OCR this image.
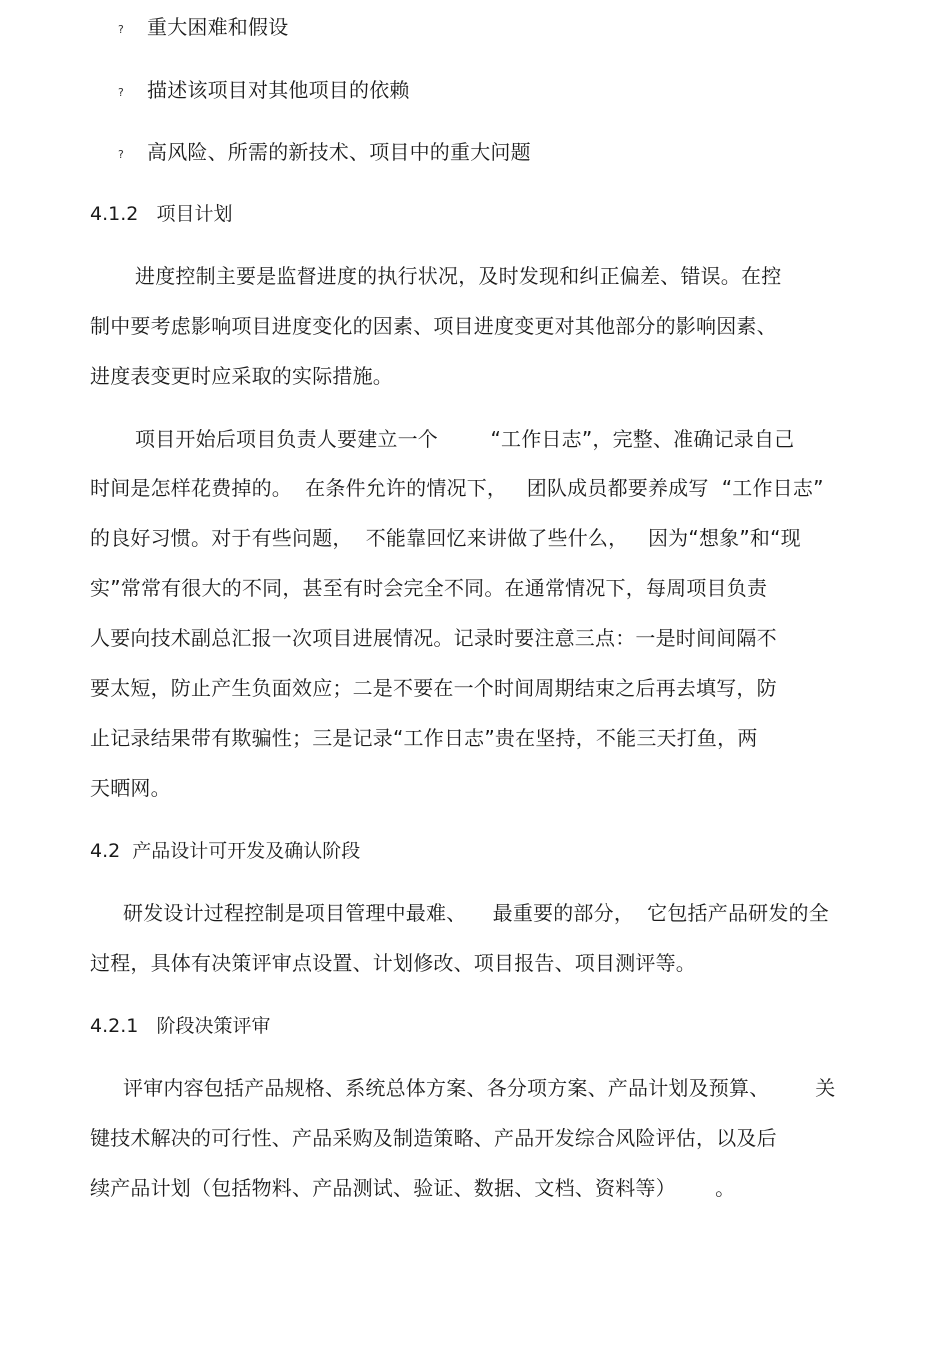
? 重大困难和假设
? 描述该项目对其他项目的依赖
? 高风险、所需的新技术、项目中的重大问题
4.1.2   项目计划
进度控制主要是监督进度的执行状况，及时发现和纠正偏差、错误。在控
制中要考虑影响项目进度变化的因素、项目进度变更对其他部分的影响因素、
进度表变更时应采取的实际措施。
项目开始后项目负责人要建立一个        “工作日志”，完整、准确记录自己
时间是怎样花费掉的。  在条件允许的情况下，   团队成员都要养成写  “工作日志”
的良好习惯。对于有些问题，  不能靠回忆来讲做了些什么，   因为“想象”和“现
实”常常有很大的不同，甚至有时会完全不同。在通常情况下，每周项目负责
人要向技术副总汇报一次项目进展情况。记录时要注意三点：一是时间间隔不
要太短，防止产生负面效应；二是不要在一个时间周期结束之后再去填写，防
止记录结果带有欺骗性；三是记录“工作日志”贵在坚持，不能三天打鱼，两
天晒网。
4.2  产品设计可开发及确认阶段
研发设计过程控制是项目管理中最难、    最重要的部分，  它包括产品研发的全
过程，具体有决策评审点设置、计划修改、项目报告、项目测评等。
4.2.1   阶段决策评审
评审内容包括产品规格、系统总体方案、各分项方案、产品计划及预算、       关
键技术解决的可行性、产品采购及制造策略、产品开发综合风险评估，以及后
续产品计划（包括物料、产品测试、验证、数据、文档、资料等）      。
